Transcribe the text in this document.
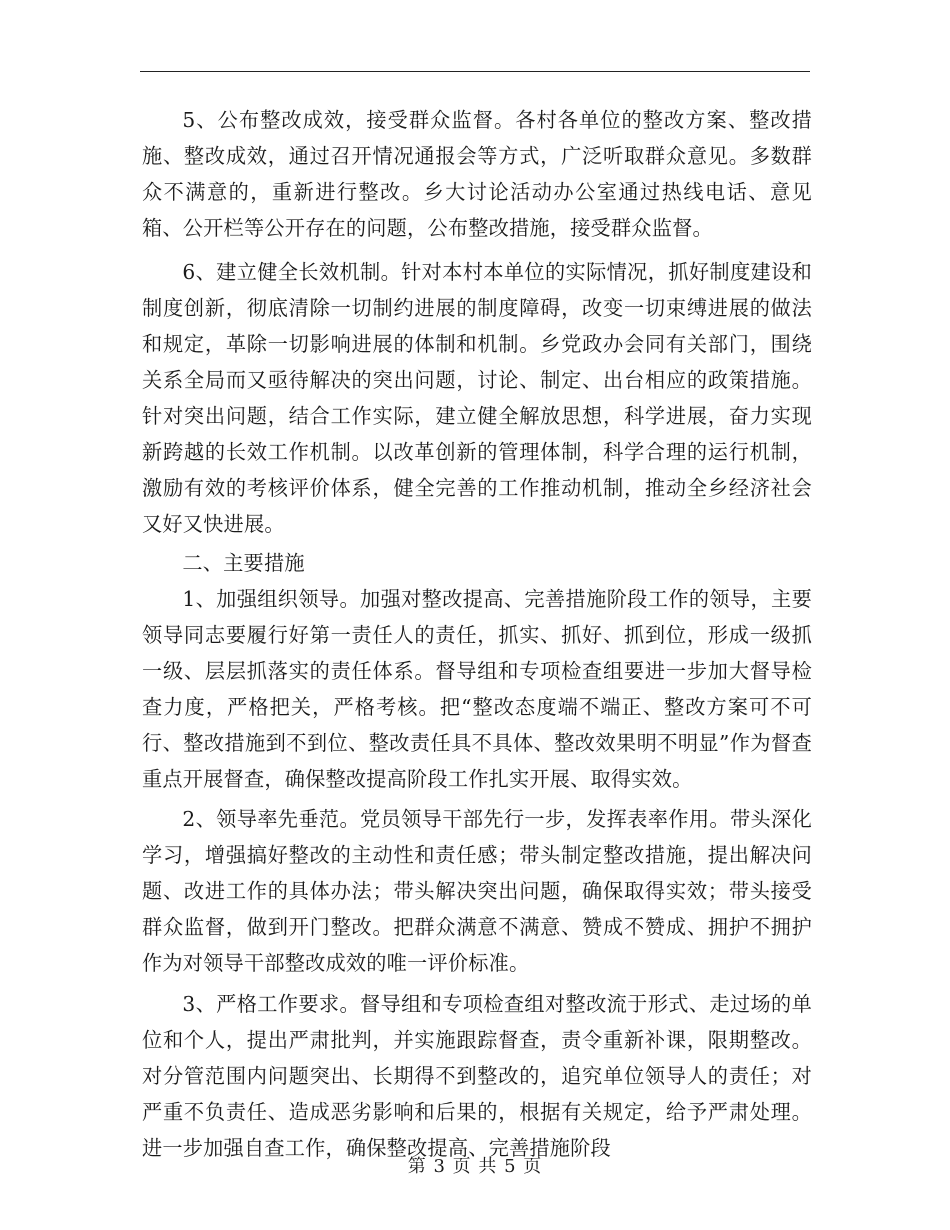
5、公布整改成效，接受群众监督。各村各单位的整改方案、整改措施、整改成效，通过召开情况通报会等方式，广泛听取群众意见。多数群众不满意的，重新进行整改。乡大讨论活动办公室通过热线电话、意见箱、公开栏等公开存在的问题，公布整改措施，接受群众监督。

6、建立健全长效机制。针对本村本单位的实际情况，抓好制度建设和制度创新，彻底清除一切制约进展的制度障碍，改变一切束缚进展的做法和规定，革除一切影响进展的体制和机制。乡党政办会同有关部门，围绕关系全局而又亟待解决的突出问题，讨论、制定、出台相应的政策措施。针对突出问题，结合工作实际，建立健全解放思想，科学进展，奋力实现新跨越的长效工作机制。以改革创新的管理体制，科学合理的运行机制，激励有效的考核评价体系，健全完善的工作推动机制，推动全乡经济社会又好又快进展。

二、主要措施

1、加强组织领导。加强对整改提高、完善措施阶段工作的领导，主要领导同志要履行好第一责任人的责任，抓实、抓好、抓到位，形成一级抓一级、层层抓落实的责任体系。督导组和专项检查组要进一步加大督导检查力度，严格把关，严格考核。把“整改态度端不端正、整改方案可不可行、整改措施到不到位、整改责任具不具体、整改效果明不明显”作为督查重点开展督查，确保整改提高阶段工作扎实开展、取得实效。

2、领导率先垂范。党员领导干部先行一步，发挥表率作用。带头深化学习，增强搞好整改的主动性和责任感；带头制定整改措施，提出解决问题、改进工作的具体办法；带头解决突出问题，确保取得实效；带头接受群众监督，做到开门整改。把群众满意不满意、赞成不赞成、拥护不拥护作为对领导干部整改成效的唯一评价标准。

3、严格工作要求。督导组和专项检查组对整改流于形式、走过场的单位和个人，提出严肃批判，并实施跟踪督查，责令重新补课，限期整改。对分管范围内问题突出、长期得不到整改的，追究单位领导人的责任；对严重不负责任、造成恶劣影响和后果的，根据有关规定，给予严肃处理。进一步加强自查工作，确保整改提高、完善措施阶段

第 3 页 共 5 页
